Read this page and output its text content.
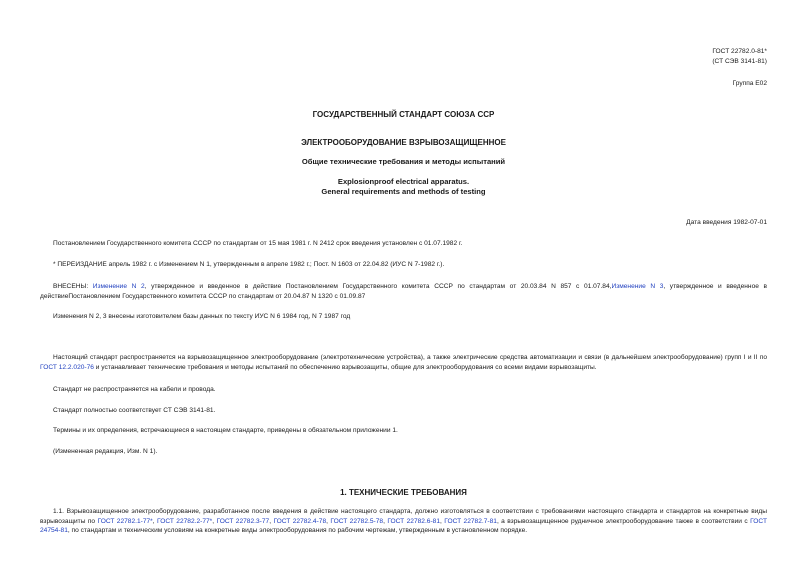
ГОСТ 22782.0-81*
(СТ СЭВ 3141-81)
Группа Е02
ГОСУДАРСТВЕННЫЙ СТАНДАРТ СОЮЗА ССР
ЭЛЕКТРООБОРУДОВАНИЕ ВЗРЫВОЗАЩИЩЕННОЕ
Общие технические требования и методы испытаний
Explosionproof electrical apparatus.
General requirements and methods of testing
Дата введения 1982-07-01
Постановлением Государственного комитета СССР по стандартам от 15 мая 1981 г. N 2412 срок введения установлен с 01.07.1982 г.
* ПЕРЕИЗДАНИЕ апрель 1982 г. с Изменением N 1, утвержденным в апреле 1982 г.; Пост. N 1603 от 22.04.82 (ИУС N 7-1982 г.).
ВНЕСЕНЫ: Изменение N 2, утвержденное и введенное в действие Постановлением Государственного комитета СССР по стандартам от 20.03.84 N 857 с 01.07.84,Изменение N 3, утвержденное и введенное в действиеПостановлением Государственного комитета СССР по стандартам от 20.04.87 N 1320 с 01.09.87
Изменения N 2, 3 внесены изготовителем базы данных по тексту ИУС N 6 1984 год, N 7 1987 год
Настоящий стандарт распространяется на взрывозащищенное электрооборудование (электротехнические устройства), а также электрические средства автоматизации и связи (в дальнейшем электрооборудование) групп I и II по ГОСТ 12.2.020-76 и устанавливает технические требования и методы испытаний по обеспечению взрывозащиты, общие для электрооборудования со всеми видами взрывозащиты.
Стандарт не распространяется на кабели и провода.
Стандарт полностью соответствует СТ СЭВ 3141-81.
Термины и их определения, встречающиеся в настоящем стандарте, приведены в обязательном приложении 1.
(Измененная редакция, Изм. N 1).
1. ТЕХНИЧЕСКИЕ ТРЕБОВАНИЯ
1.1. Взрывозащищенное электрооборудование, разработанное после введения в действие настоящего стандарта, должно изготовляться в соответствии с требованиями настоящего стандарта и стандартов на конкретные виды взрывозащиты по ГОСТ 22782.1-77*, ГОСТ 22782.2-77*, ГОСТ 22782.3-77, ГОСТ 22782.4-78, ГОСТ 22782.5-78, ГОСТ 22782.6-81, ГОСТ 22782.7-81, а взрывозащищенное рудничное электрооборудование также в соответствии с ГОСТ 24754-81, по стандартам и техническим условиям на конкретные виды электрооборудования по рабочим чертежам, утвержденным в установленном порядке.
